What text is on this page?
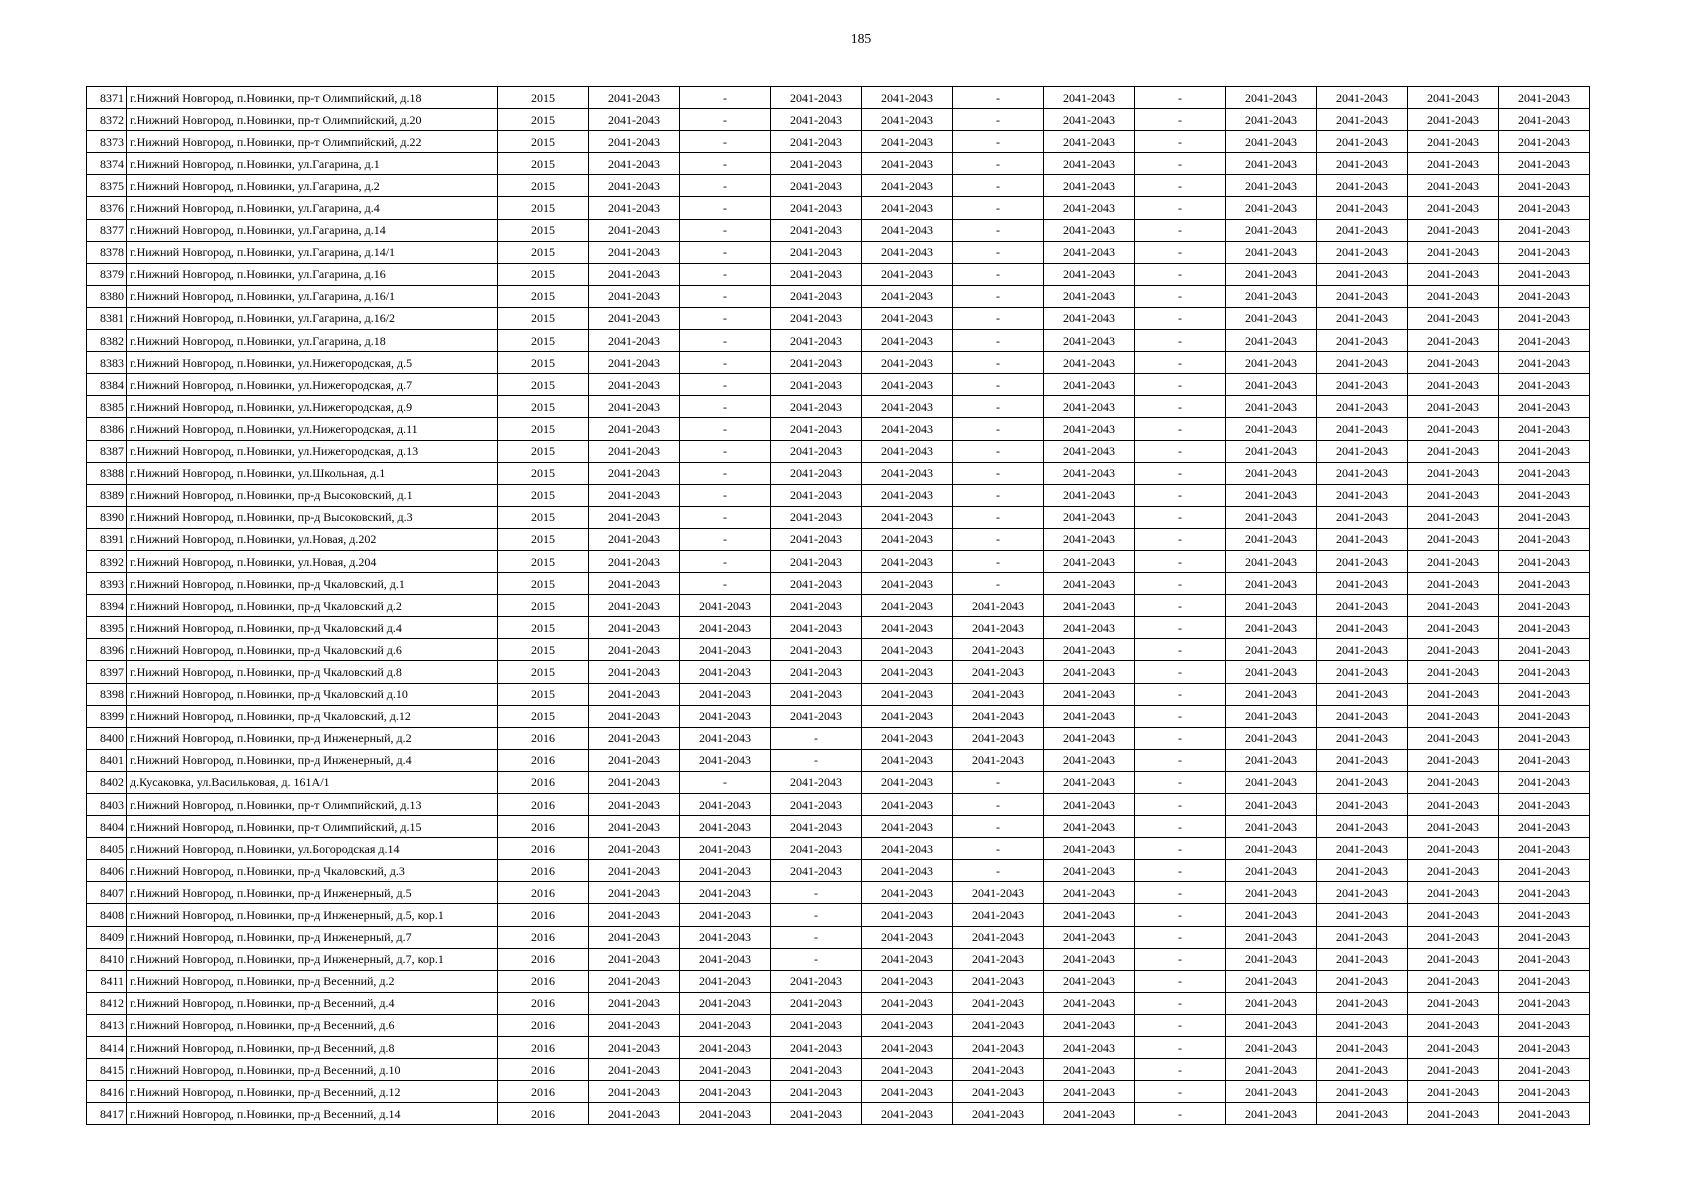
185
8371	г.Нижний Новгород, п.Новинки, пр-т Олимпийский, д.18	2015	2041-2043	-	2041-2043	2041-2043	-	2041-2043	-	2041-2043	2041-2043	2041-2043	2041-2043
8372	г.Нижний Новгород, п.Новинки, пр-т Олимпийский, д.20	2015	2041-2043	-	2041-2043	2041-2043	-	2041-2043	-	2041-2043	2041-2043	2041-2043	2041-2043
8373	г.Нижний Новгород, п.Новинки, пр-т Олимпийский, д.22	2015	2041-2043	-	2041-2043	2041-2043	-	2041-2043	-	2041-2043	2041-2043	2041-2043	2041-2043
8374	г.Нижний Новгород, п.Новинки, ул.Гагарина, д.1	2015	2041-2043	-	2041-2043	2041-2043	-	2041-2043	-	2041-2043	2041-2043	2041-2043	2041-2043
8375	г.Нижний Новгород, п.Новинки, ул.Гагарина, д.2	2015	2041-2043	-	2041-2043	2041-2043	-	2041-2043	-	2041-2043	2041-2043	2041-2043	2041-2043
8376	г.Нижний Новгород, п.Новинки, ул.Гагарина, д.4	2015	2041-2043	-	2041-2043	2041-2043	-	2041-2043	-	2041-2043	2041-2043	2041-2043	2041-2043
8377	г.Нижний Новгород, п.Новинки, ул.Гагарина, д.14	2015	2041-2043	-	2041-2043	2041-2043	-	2041-2043	-	2041-2043	2041-2043	2041-2043	2041-2043
8378	г.Нижний Новгород, п.Новинки, ул.Гагарина, д.14/1	2015	2041-2043	-	2041-2043	2041-2043	-	2041-2043	-	2041-2043	2041-2043	2041-2043	2041-2043
8379	г.Нижний Новгород, п.Новинки, ул.Гагарина, д.16	2015	2041-2043	-	2041-2043	2041-2043	-	2041-2043	-	2041-2043	2041-2043	2041-2043	2041-2043
8380	г.Нижний Новгород, п.Новинки, ул.Гагарина, д.16/1	2015	2041-2043	-	2041-2043	2041-2043	-	2041-2043	-	2041-2043	2041-2043	2041-2043	2041-2043
8381	г.Нижний Новгород, п.Новинки, ул.Гагарина, д.16/2	2015	2041-2043	-	2041-2043	2041-2043	-	2041-2043	-	2041-2043	2041-2043	2041-2043	2041-2043
8382	г.Нижний Новгород, п.Новинки, ул.Гагарина, д.18	2015	2041-2043	-	2041-2043	2041-2043	-	2041-2043	-	2041-2043	2041-2043	2041-2043	2041-2043
8383	г.Нижний Новгород, п.Новинки, ул.Нижегородская, д.5	2015	2041-2043	-	2041-2043	2041-2043	-	2041-2043	-	2041-2043	2041-2043	2041-2043	2041-2043
8384	г.Нижний Новгород, п.Новинки, ул.Нижегородская, д.7	2015	2041-2043	-	2041-2043	2041-2043	-	2041-2043	-	2041-2043	2041-2043	2041-2043	2041-2043
8385	г.Нижний Новгород, п.Новинки, ул.Нижегородская, д.9	2015	2041-2043	-	2041-2043	2041-2043	-	2041-2043	-	2041-2043	2041-2043	2041-2043	2041-2043
8386	г.Нижний Новгород, п.Новинки, ул.Нижегородская, д.11	2015	2041-2043	-	2041-2043	2041-2043	-	2041-2043	-	2041-2043	2041-2043	2041-2043	2041-2043
8387	г.Нижний Новгород, п.Новинки, ул.Нижегородская, д.13	2015	2041-2043	-	2041-2043	2041-2043	-	2041-2043	-	2041-2043	2041-2043	2041-2043	2041-2043
8388	г.Нижний Новгород, п.Новинки, ул.Школьная, д.1	2015	2041-2043	-	2041-2043	2041-2043	-	2041-2043	-	2041-2043	2041-2043	2041-2043	2041-2043
8389	г.Нижний Новгород, п.Новинки, пр-д Высоковский, д.1	2015	2041-2043	-	2041-2043	2041-2043	-	2041-2043	-	2041-2043	2041-2043	2041-2043	2041-2043
8390	г.Нижний Новгород, п.Новинки, пр-д Высоковский, д.3	2015	2041-2043	-	2041-2043	2041-2043	-	2041-2043	-	2041-2043	2041-2043	2041-2043	2041-2043
8391	г.Нижний Новгород, п.Новинки, ул.Новая, д.202	2015	2041-2043	-	2041-2043	2041-2043	-	2041-2043	-	2041-2043	2041-2043	2041-2043	2041-2043
8392	г.Нижний Новгород, п.Новинки, ул.Новая, д.204	2015	2041-2043	-	2041-2043	2041-2043	-	2041-2043	-	2041-2043	2041-2043	2041-2043	2041-2043
8393	г.Нижний Новгород, п.Новинки, пр-д Чкаловский, д.1	2015	2041-2043	-	2041-2043	2041-2043	-	2041-2043	-	2041-2043	2041-2043	2041-2043	2041-2043
8394	г.Нижний Новгород, п.Новинки, пр-д Чкаловский д.2	2015	2041-2043	2041-2043	2041-2043	2041-2043	2041-2043	2041-2043	-	2041-2043	2041-2043	2041-2043	2041-2043
8395	г.Нижний Новгород, п.Новинки, пр-д Чкаловский д.4	2015	2041-2043	2041-2043	2041-2043	2041-2043	2041-2043	2041-2043	-	2041-2043	2041-2043	2041-2043	2041-2043
8396	г.Нижний Новгород, п.Новинки, пр-д Чкаловский д.6	2015	2041-2043	2041-2043	2041-2043	2041-2043	2041-2043	2041-2043	-	2041-2043	2041-2043	2041-2043	2041-2043
8397	г.Нижний Новгород, п.Новинки, пр-д Чкаловский д.8	2015	2041-2043	2041-2043	2041-2043	2041-2043	2041-2043	2041-2043	-	2041-2043	2041-2043	2041-2043	2041-2043
8398	г.Нижний Новгород, п.Новинки, пр-д Чкаловский д.10	2015	2041-2043	2041-2043	2041-2043	2041-2043	2041-2043	2041-2043	-	2041-2043	2041-2043	2041-2043	2041-2043
8399	г.Нижний Новгород, п.Новинки, пр-д Чкаловский, д.12	2015	2041-2043	2041-2043	2041-2043	2041-2043	2041-2043	2041-2043	-	2041-2043	2041-2043	2041-2043	2041-2043
8400	г.Нижний Новгород, п.Новинки, пр-д Инженерный, д.2	2016	2041-2043	2041-2043	-	2041-2043	2041-2043	2041-2043	-	2041-2043	2041-2043	2041-2043	2041-2043
8401	г.Нижний Новгород, п.Новинки, пр-д Инженерный, д.4	2016	2041-2043	2041-2043	-	2041-2043	2041-2043	2041-2043	-	2041-2043	2041-2043	2041-2043	2041-2043
8402	д.Кусаковка, ул.Васильковая, д. 161А/1	2016	2041-2043	-	2041-2043	2041-2043	-	2041-2043	-	2041-2043	2041-2043	2041-2043	2041-2043
8403	г.Нижний Новгород, п.Новинки, пр-т Олимпийский, д.13	2016	2041-2043	2041-2043	2041-2043	2041-2043	-	2041-2043	-	2041-2043	2041-2043	2041-2043	2041-2043
8404	г.Нижний Новгород, п.Новинки, пр-т Олимпийский, д.15	2016	2041-2043	2041-2043	2041-2043	2041-2043	-	2041-2043	-	2041-2043	2041-2043	2041-2043	2041-2043
8405	г.Нижний Новгород, п.Новинки, ул.Богородская д.14	2016	2041-2043	2041-2043	2041-2043	2041-2043	-	2041-2043	-	2041-2043	2041-2043	2041-2043	2041-2043
8406	г.Нижний Новгород, п.Новинки, пр-д Чкаловский, д.3	2016	2041-2043	2041-2043	2041-2043	2041-2043	-	2041-2043	-	2041-2043	2041-2043	2041-2043	2041-2043
8407	г.Нижний Новгород, п.Новинки, пр-д Инженерный, д.5	2016	2041-2043	2041-2043	-	2041-2043	2041-2043	2041-2043	-	2041-2043	2041-2043	2041-2043	2041-2043
8408	г.Нижний Новгород, п.Новинки, пр-д Инженерный, д.5, кор.1	2016	2041-2043	2041-2043	-	2041-2043	2041-2043	2041-2043	-	2041-2043	2041-2043	2041-2043	2041-2043
8409	г.Нижний Новгород, п.Новинки, пр-д Инженерный, д.7	2016	2041-2043	2041-2043	-	2041-2043	2041-2043	2041-2043	-	2041-2043	2041-2043	2041-2043	2041-2043
8410	г.Нижний Новгород, п.Новинки, пр-д Инженерный, д.7, кор.1	2016	2041-2043	2041-2043	-	2041-2043	2041-2043	2041-2043	-	2041-2043	2041-2043	2041-2043	2041-2043
8411	г.Нижний Новгород, п.Новинки, пр-д Весенний, д.2	2016	2041-2043	2041-2043	2041-2043	2041-2043	2041-2043	2041-2043	-	2041-2043	2041-2043	2041-2043	2041-2043
8412	г.Нижний Новгород, п.Новинки, пр-д Весенний, д.4	2016	2041-2043	2041-2043	2041-2043	2041-2043	2041-2043	2041-2043	-	2041-2043	2041-2043	2041-2043	2041-2043
8413	г.Нижний Новгород, п.Новинки, пр-д Весенний, д.6	2016	2041-2043	2041-2043	2041-2043	2041-2043	2041-2043	2041-2043	-	2041-2043	2041-2043	2041-2043	2041-2043
8414	г.Нижний Новгород, п.Новинки, пр-д Весенний, д.8	2016	2041-2043	2041-2043	2041-2043	2041-2043	2041-2043	2041-2043	-	2041-2043	2041-2043	2041-2043	2041-2043
8415	г.Нижний Новгород, п.Новинки, пр-д Весенний, д.10	2016	2041-2043	2041-2043	2041-2043	2041-2043	2041-2043	2041-2043	-	2041-2043	2041-2043	2041-2043	2041-2043
8416	г.Нижний Новгород, п.Новинки, пр-д Весенний, д.12	2016	2041-2043	2041-2043	2041-2043	2041-2043	2041-2043	2041-2043	-	2041-2043	2041-2043	2041-2043	2041-2043
8417	г.Нижний Новгород, п.Новинки, пр-д Весенний, д.14	2016	2041-2043	2041-2043	2041-2043	2041-2043	2041-2043	2041-2043	-	2041-2043	2041-2043	2041-2043	2041-2043
